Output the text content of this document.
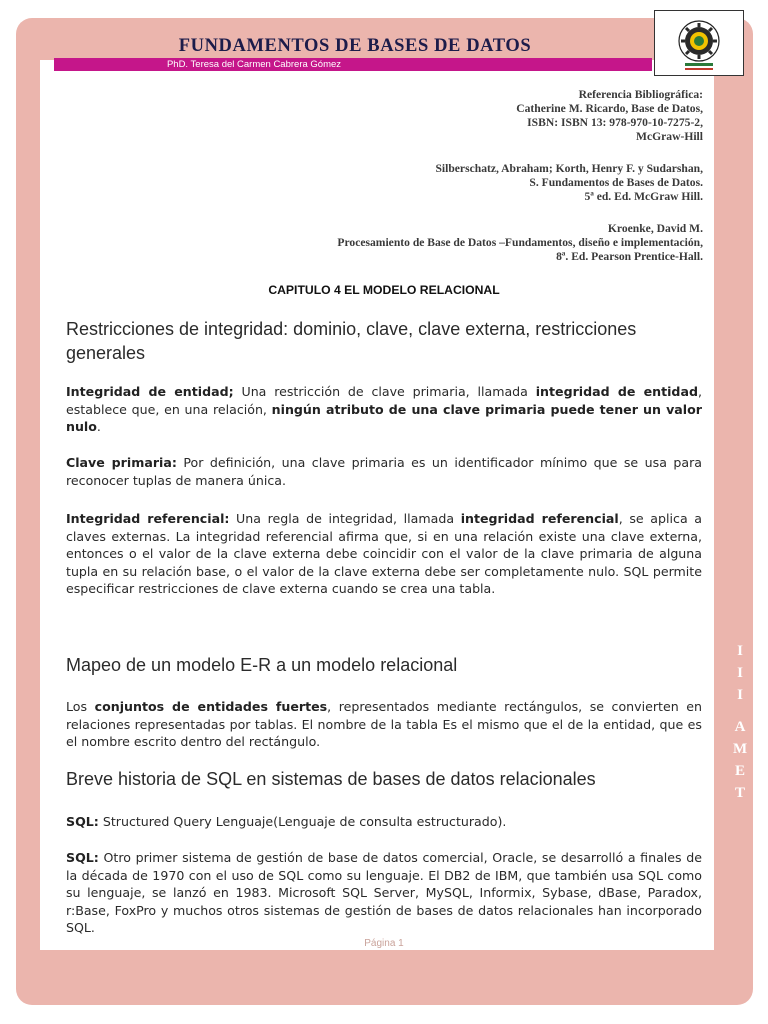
FUNDAMENTOS DE BASES DE DATOS
PhD. Teresa del Carmen Cabrera Gómez
Referencia Bibliográfica:
Catherine M. Ricardo, Base de Datos,
ISBN: ISBN 13: 978-970-10-7275-2,
McGraw-Hill
Silberschatz, Abraham; Korth, Henry F. y Sudarshan,
S. Fundamentos de Bases de Datos.
5ª ed. Ed. McGraw Hill.
Kroenke, David M.
Procesamiento de Base de Datos –Fundamentos, diseño e implementación,
8ª. Ed. Pearson Prentice-Hall.
CAPITULO 4 EL MODELO RELACIONAL
Restricciones de integridad: dominio, clave, clave externa, restricciones generales
Integridad de entidad; Una restricción de clave primaria, llamada integridad de entidad, establece que, en una relación, ningún atributo de una clave primaria puede tener un valor nulo.
Clave primaria: Por definición, una clave primaria es un identificador mínimo que se usa para reconocer tuplas de manera única.
Integridad referencial: Una regla de integridad, llamada integridad referencial, se aplica a claves externas. La integridad referencial afirma que, si en una relación existe una clave externa, entonces o el valor de la clave externa debe coincidir con el valor de la clave primaria de alguna tupla en su relación base, o el valor de la clave externa debe ser completamente nulo. SQL permite especificar restricciones de clave externa cuando se crea una tabla.
Mapeo de un modelo E-R a un modelo relacional
Los conjuntos de entidades fuertes, representados mediante rectángulos, se convierten en relaciones representadas por tablas. El nombre de la tabla Es el mismo que el de la entidad, que es el nombre escrito dentro del rectángulo.
Breve historia de SQL en sistemas de bases de datos relacionales
SQL: Structured Query Lenguaje(Lenguaje de consulta estructurado).
SQL: Otro primer sistema de gestión de base de datos comercial, Oracle, se desarrolló a finales de la década de 1970 con el uso de SQL como su lenguaje. El DB2 de IBM, que también usa SQL como su lenguaje, se lanzó en 1983. Microsoft SQL Server, MySQL, Informix, Sybase, dBase, Paradox, r:Base, FoxPro y muchos otros sistemas de gestión de bases de datos relacionales han incorporado SQL.
Página 1
I
I
I
A
M
E
T
